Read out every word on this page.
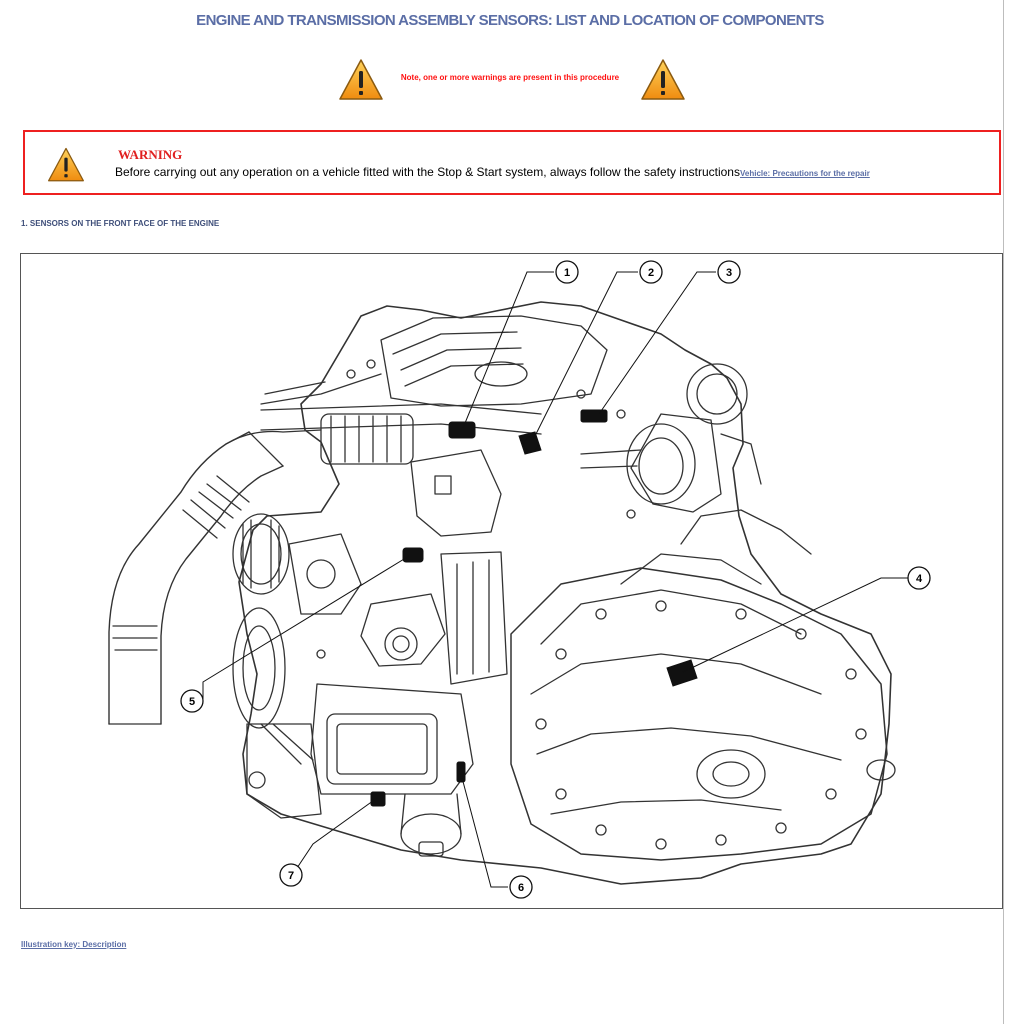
ENGINE AND TRANSMISSION ASSEMBLY SENSORS: LIST AND LOCATION OF COMPONENTS
Note, one or more warnings are present in this procedure
WARNING
Before carrying out any operation on a vehicle fitted with the Stop & Start system, always follow the safety instructionsVehicle: Precautions for the repair
1. SENSORS ON THE FRONT FACE OF THE ENGINE
1	2	3
4
5
6
7
Illustration key: Description
